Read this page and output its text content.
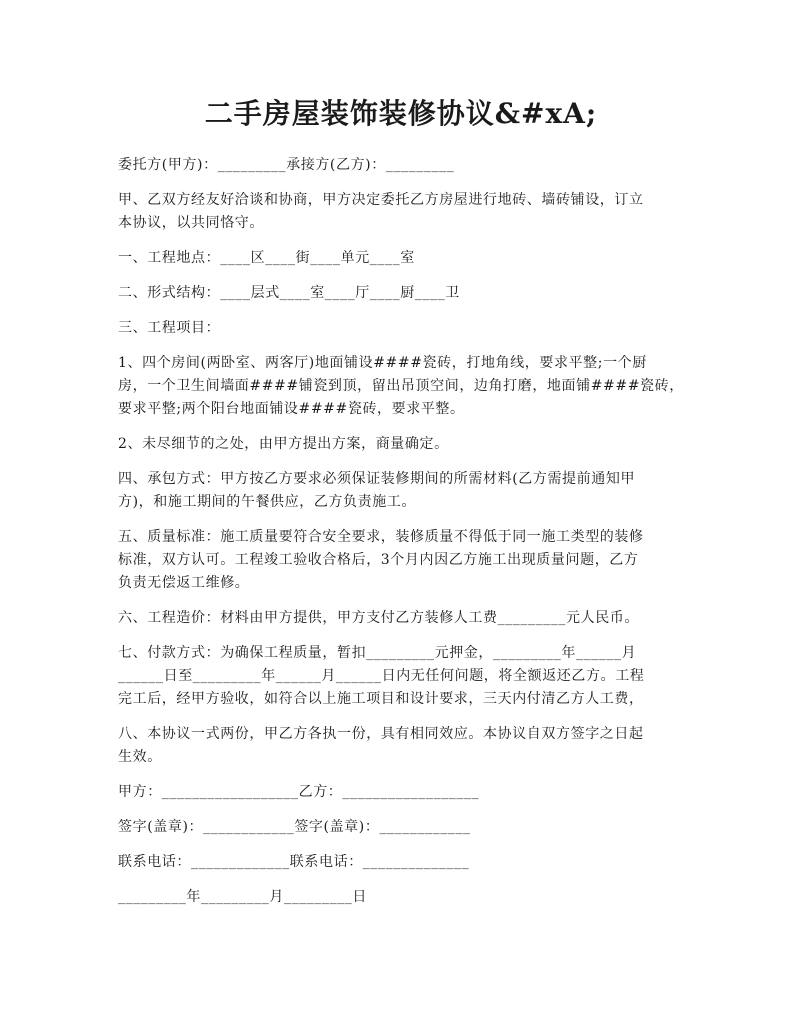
二手房屋装饰装修协议&#xA;
委托方(甲方)：_________承接方(乙方)：_________
甲、乙双方经友好洽谈和协商，甲方决定委托乙方房屋进行地砖、墙砖铺设，订立
本协议，以共同恪守。
一、工程地点：____区____街____单元____室
二、形式结构：____层式____室____厅____厨____卫
三、工程项目：
1、四个房间(两卧室、两客厅)地面铺设####瓷砖，打地角线，要求平整;一个厨
房，一个卫生间墙面####铺瓷到顶，留出吊顶空间，边角打磨，地面铺####瓷砖，
要求平整;两个阳台地面铺设####瓷砖，要求平整。
2、未尽细节的之处，由甲方提出方案，商量确定。
四、承包方式：甲方按乙方要求必须保证装修期间的所需材料(乙方需提前通知甲
方)，和施工期间的午餐供应，乙方负责施工。
五、质量标准：施工质量要符合安全要求，装修质量不得低于同一施工类型的装修
标准，双方认可。工程竣工验收合格后，3个月内因乙方施工出现质量问题，乙方
负责无偿返工维修。
六、工程造价：材料由甲方提供，甲方支付乙方装修人工费_________元人民币。
七、付款方式：为确保工程质量，暂扣_________元押金，_________年______月
______日至_________年______月______日内无任何问题，将全额返还乙方。工程
完工后，经甲方验收，如符合以上施工项目和设计要求，三天内付清乙方人工费，
八、本协议一式两份，甲乙方各执一份，具有相同效应。本协议自双方签字之日起
生效。
甲方：__________________乙方：__________________
签字(盖章)：____________签字(盖章)：____________
联系电话：_____________联系电话：______________
_________年_________月_________日
